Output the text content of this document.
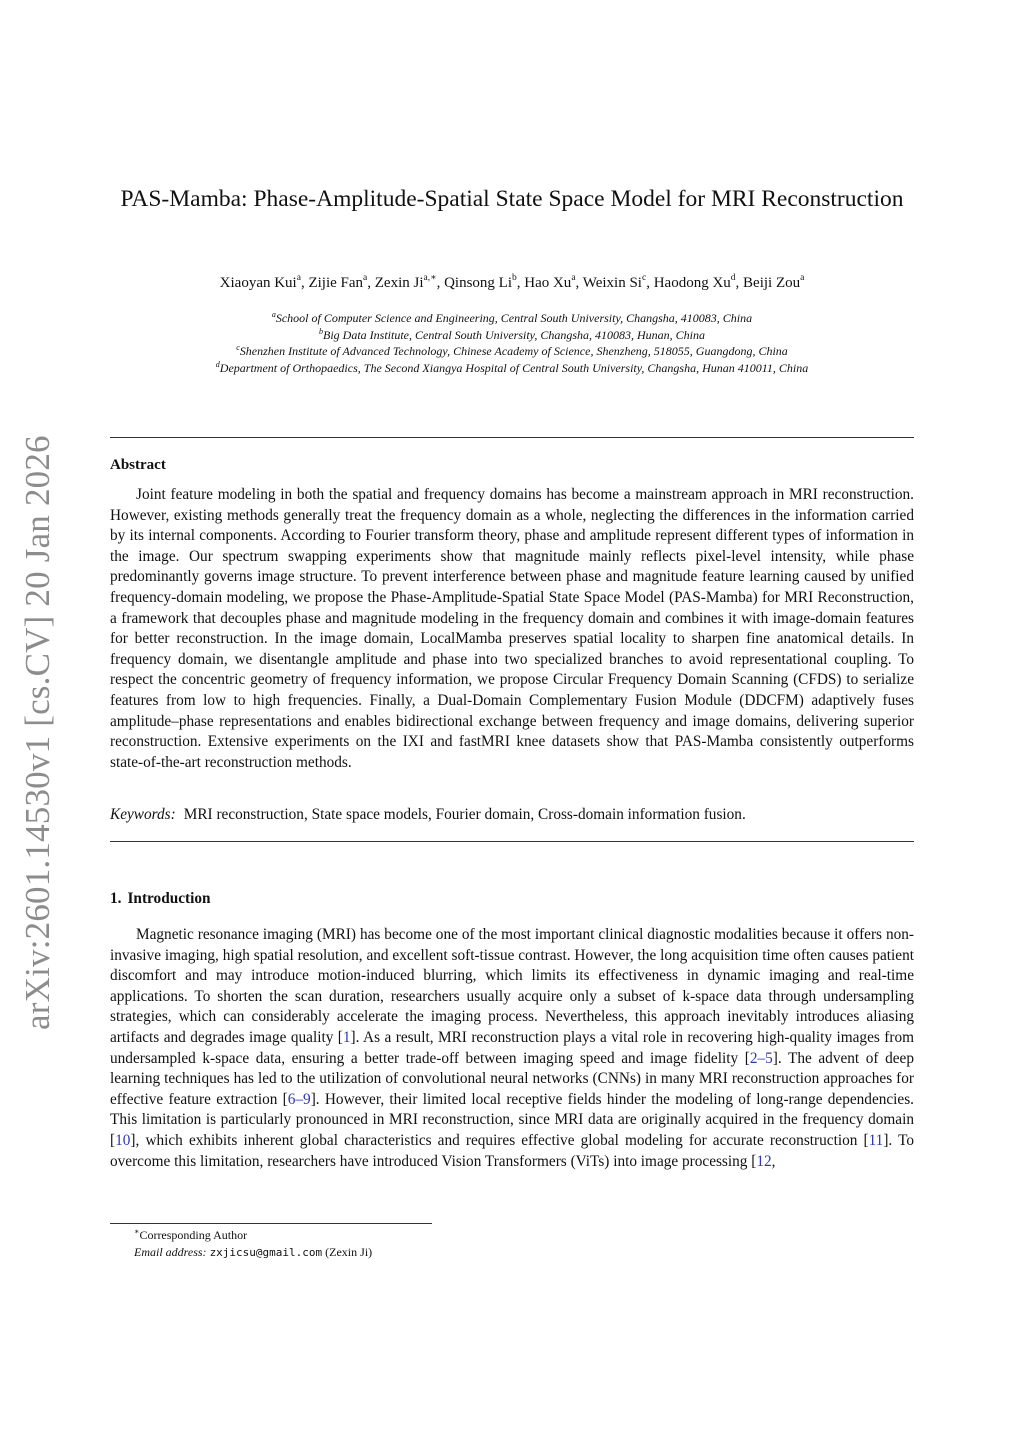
arXiv:2601.14530v1 [cs.CV] 20 Jan 2026
PAS-Mamba: Phase-Amplitude-Spatial State Space Model for MRI Reconstruction
Xiaoyan Kui$^a$, Zijie Fan$^a$, Zexin $Ji^{a,∗}$, Qinsong Li$^b$, Hao Xu$^a$, Weixin Si$^c$, Haodong Xu$^d$, Beiji Zou$^a$
$^a$School of Computer Science and Engineering, Central South University, Changsha, 410083, China
$^b$Big Data Institute, Central South University, Changsha, 410083, Hunan, China
$^c$Shenzhen Institute of Advanced Technology, Chinese Academy of Science, Shenzheng, 518055, Guangdong, China
$^d$Department of Orthopaedics, The Second Xiangya Hospital of Central South University, Changsha, Hunan 410011, China
Abstract
Joint feature modeling in both the spatial and frequency domains has become a mainstream approach in MRI reconstruction. However, existing methods generally treat the frequency domain as a whole, neglecting the differences in the information carried by its internal components. According to Fourier transform theory, phase and amplitude represent different types of information in the image. Our spectrum swapping experiments show that magnitude mainly reflects pixel-level intensity, while phase predominantly governs image structure. To prevent interference between phase and magnitude feature learning caused by unified frequency-domain modeling, we propose the Phase-Amplitude-Spatial State Space Model (PAS-Mamba) for MRI Reconstruction, a framework that decouples phase and magnitude modeling in the frequency domain and combines it with image-domain features for better reconstruction. In the image domain, LocalMamba preserves spatial locality to sharpen fine anatomical details. In frequency domain, we disentangle amplitude and phase into two specialized branches to avoid representational coupling. To respect the concentric geometry of frequency information, we propose Circular Frequency Domain Scanning (CFDS) to serialize features from low to high frequencies. Finally, a Dual-Domain Complementary Fusion Module (DDCFM) adaptively fuses amplitude–phase representations and enables bidirectional exchange between frequency and image domains, delivering superior reconstruction. Extensive experiments on the IXI and fastMRI knee datasets show that PAS-Mamba consistently outperforms state-of-the-art reconstruction methods.
Keywords: MRI reconstruction, State space models, Fourier domain, Cross-domain information fusion.
1. Introduction
Magnetic resonance imaging (MRI) has become one of the most important clinical diagnostic modalities because it offers non-invasive imaging, high spatial resolution, and excellent soft-tissue contrast. However, the long acquisition time often causes patient discomfort and may introduce motion-induced blurring, which limits its effectiveness in dynamic imaging and real-time applications. To shorten the scan duration, researchers usually acquire only a subset of k-space data through undersampling strategies, which can considerably accelerate the imaging process. Nevertheless, this approach inevitably introduces aliasing artifacts and degrades image quality [1]. As a result, MRI reconstruction plays a vital role in recovering high-quality images from undersampled k-space data, ensuring a better trade-off between imaging speed and image fidelity [2–5]. The advent of deep learning techniques has led to the utilization of convolutional neural networks (CNNs) in many MRI reconstruction approaches for effective feature extraction [6–9]. However, their limited local receptive fields hinder the modeling of long-range dependencies. This limitation is particularly pronounced in MRI reconstruction, since MRI data are originally acquired in the frequency domain [10], which exhibits inherent global characteristics and requires effective global modeling for accurate reconstruction [11]. To overcome this limitation, researchers have introduced Vision Transformers (ViTs) into image processing [12,
∗Corresponding Author
Email address: zxjicsu@gmail.com (Zexin Ji)
